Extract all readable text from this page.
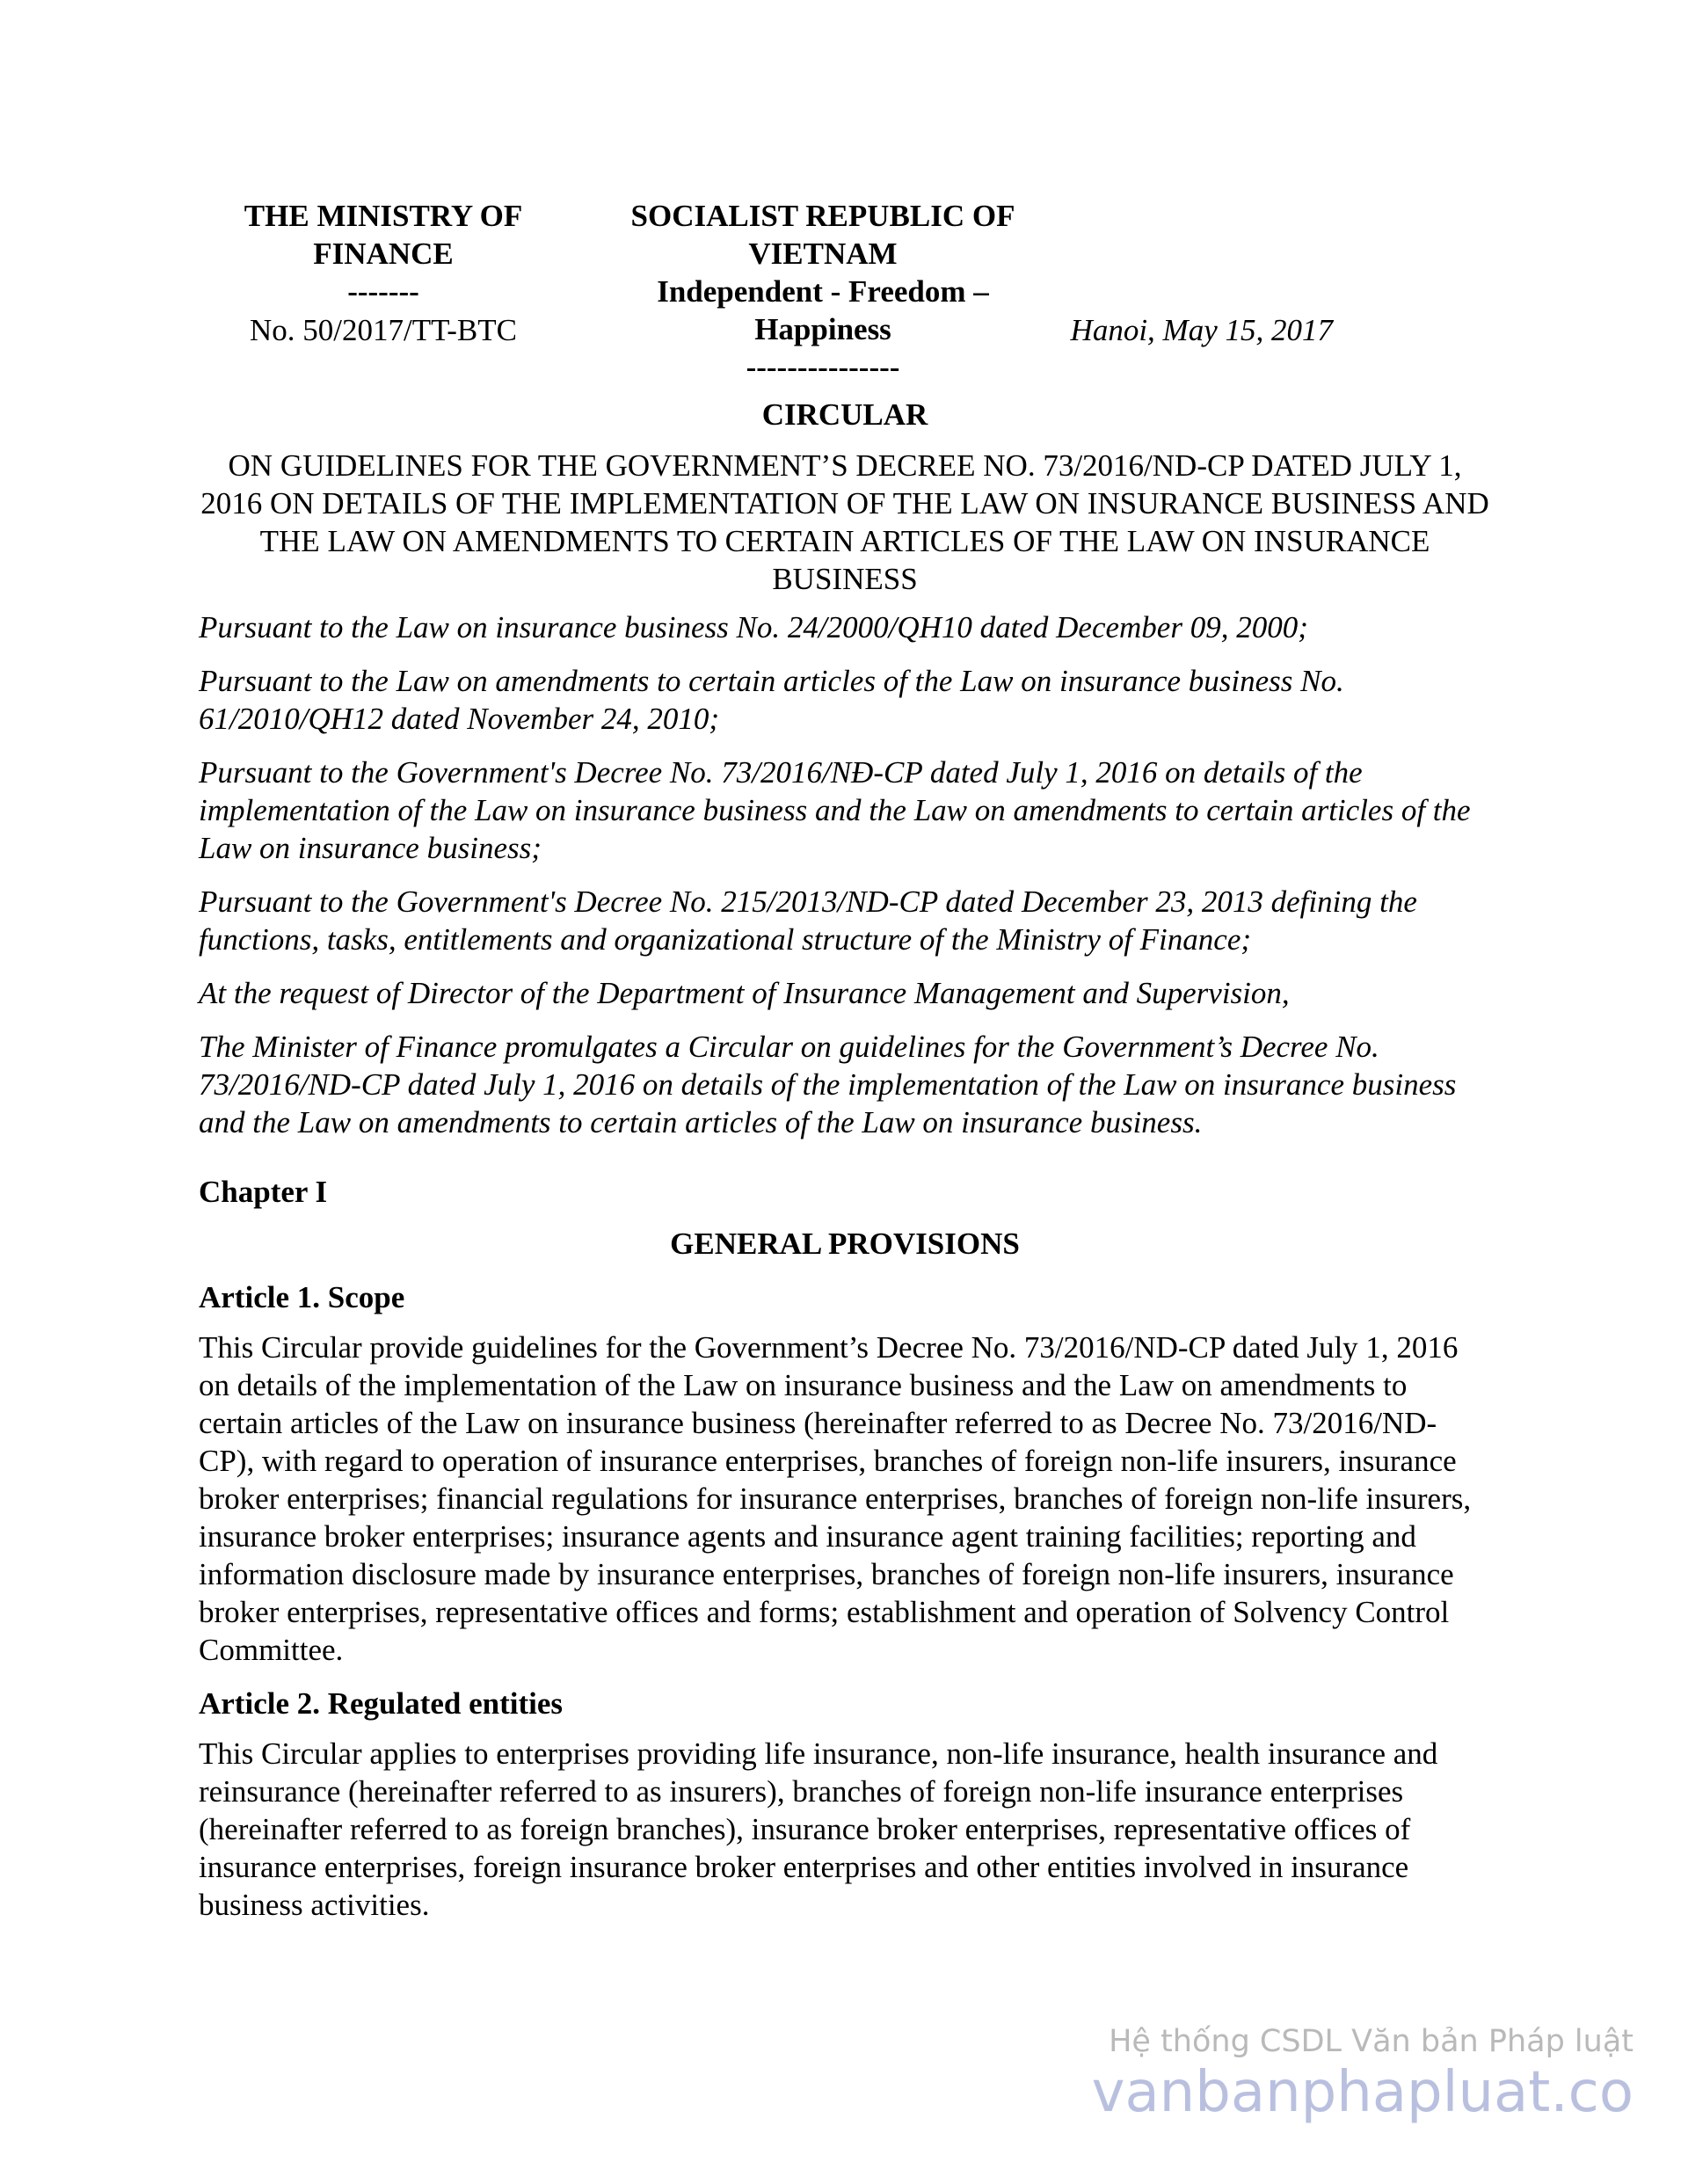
THE MINISTRY OF
FINANCE
-------
No. 50/2017/TT-BTC
SOCIALIST REPUBLIC OF VIETNAM
Independent - Freedom – Happiness
---------------
Hanoi, May 15, 2017
CIRCULAR
ON GUIDELINES FOR THE GOVERNMENT’S DECREE NO. 73/2016/ND-CP DATED JULY 1, 2016 ON DETAILS OF THE IMPLEMENTATION OF THE LAW ON INSURANCE BUSINESS AND THE LAW ON AMENDMENTS TO CERTAIN ARTICLES OF THE LAW ON INSURANCE BUSINESS

Pursuant to the Law on insurance business No. 24/2000/QH10 dated December 09, 2000;

Pursuant to the Law on amendments to certain articles of the Law on insurance business No. 61/2010/QH12 dated November 24, 2010;

Pursuant to the Government's Decree No. 73/2016/NĐ-CP dated July 1, 2016 on details of the implementation of the Law on insurance business and the Law on amendments to certain articles of the Law on insurance business;

Pursuant to the Government's Decree No. 215/2013/ND-CP dated December 23, 2013 defining the functions, tasks, entitlements and organizational structure of the Ministry of Finance;

At the request of Director of the Department of Insurance Management and Supervision,

The Minister of Finance promulgates a Circular on guidelines for the Government’s Decree No. 73/2016/ND-CP dated July 1, 2016 on details of the implementation of the Law on insurance business and the Law on amendments to certain articles of the Law on insurance business.

Chapter I
GENERAL PROVISIONS
Article 1. Scope

This Circular provide guidelines for the Government’s Decree No. 73/2016/ND-CP dated July 1, 2016 on details of the implementation of the Law on insurance business and the Law on amendments to certain articles of the Law on insurance business (hereinafter referred to as Decree No. 73/2016/ND-CP), with regard to operation of insurance enterprises, branches of foreign non-life insurers, insurance broker enterprises; financial regulations for insurance enterprises, branches of foreign non-life insurers, insurance broker enterprises; insurance agents and insurance agent training facilities; reporting and information disclosure made by insurance enterprises, branches of foreign non-life insurers, insurance broker enterprises, representative offices and forms; establishment and operation of Solvency Control Committee.

Article 2. Regulated entities

This Circular applies to enterprises providing life insurance, non-life insurance, health insurance and reinsurance (hereinafter referred to as insurers), branches of foreign non-life insurance enterprises (hereinafter referred to as foreign branches), insurance broker enterprises, representative offices of insurance enterprises, foreign insurance broker enterprises and other entities involved in insurance business activities.

Hệ thống CSDL Văn bản Pháp luật
vanbanphapluat.co
